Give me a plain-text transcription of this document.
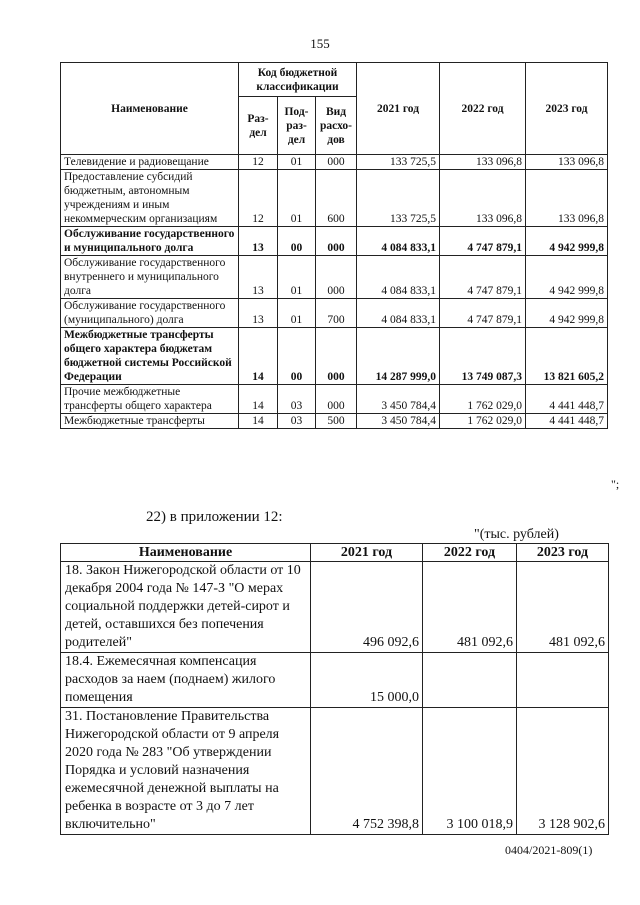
155
Наименование	Код бюджетной классификации			2021 год	2022 год	2023 год
	Раз- дел	Под- раз- дел	Вид расхо- дов			
Телевидение и радиовещание	12	01	000	133 725,5	133 096,8	133 096,8
Предоставление субсидий бюджетным, автономным учреждениям и иным некоммерческим организациям	12	01	600	133 725,5	133 096,8	133 096,8
Обслуживание государственного и муниципального долга	13	00	000	4 084 833,1	4 747 879,1	4 942 999,8
Обслуживание государственного внутреннего и муниципального долга	13	01	000	4 084 833,1	4 747 879,1	4 942 999,8
Обслуживание государственного (муниципального) долга	13	01	700	4 084 833,1	4 747 879,1	4 942 999,8
Межбюджетные трансферты общего характера бюджетам бюджетной системы Российской Федерации	14	00	000	14 287 999,0	13 749 087,3	13 821 605,2
Прочие межбюджетные трансферты общего характера	14	03	000	3 450 784,4	1 762 029,0	4 441 448,7
Межбюджетные трансферты	14	03	500	3 450 784,4	1 762 029,0	4 441 448,7
";
22) в приложении 12:
"(тыс. рублей)
Наименование	2021 год	2022 год	2023 год
18. Закон Нижегородской области от 10 декабря 2004 года № 147-З "О мерах социальной поддержки детей-сирот и детей, оставшихся без попечения родителей"	496 092,6	481 092,6	481 092,6
18.4. Ежемесячная компенсация расходов за наем (поднаем) жилого помещения	15 000,0		
31. Постановление Правительства Нижегородской области от 9 апреля 2020 года № 283 "Об утверждении Порядка и условий назначения ежемесячной денежной выплаты на ребенка в возрасте от 3 до 7 лет включительно"	4 752 398,8	3 100 018,9	3 128 902,6
0404/2021-809(1)
